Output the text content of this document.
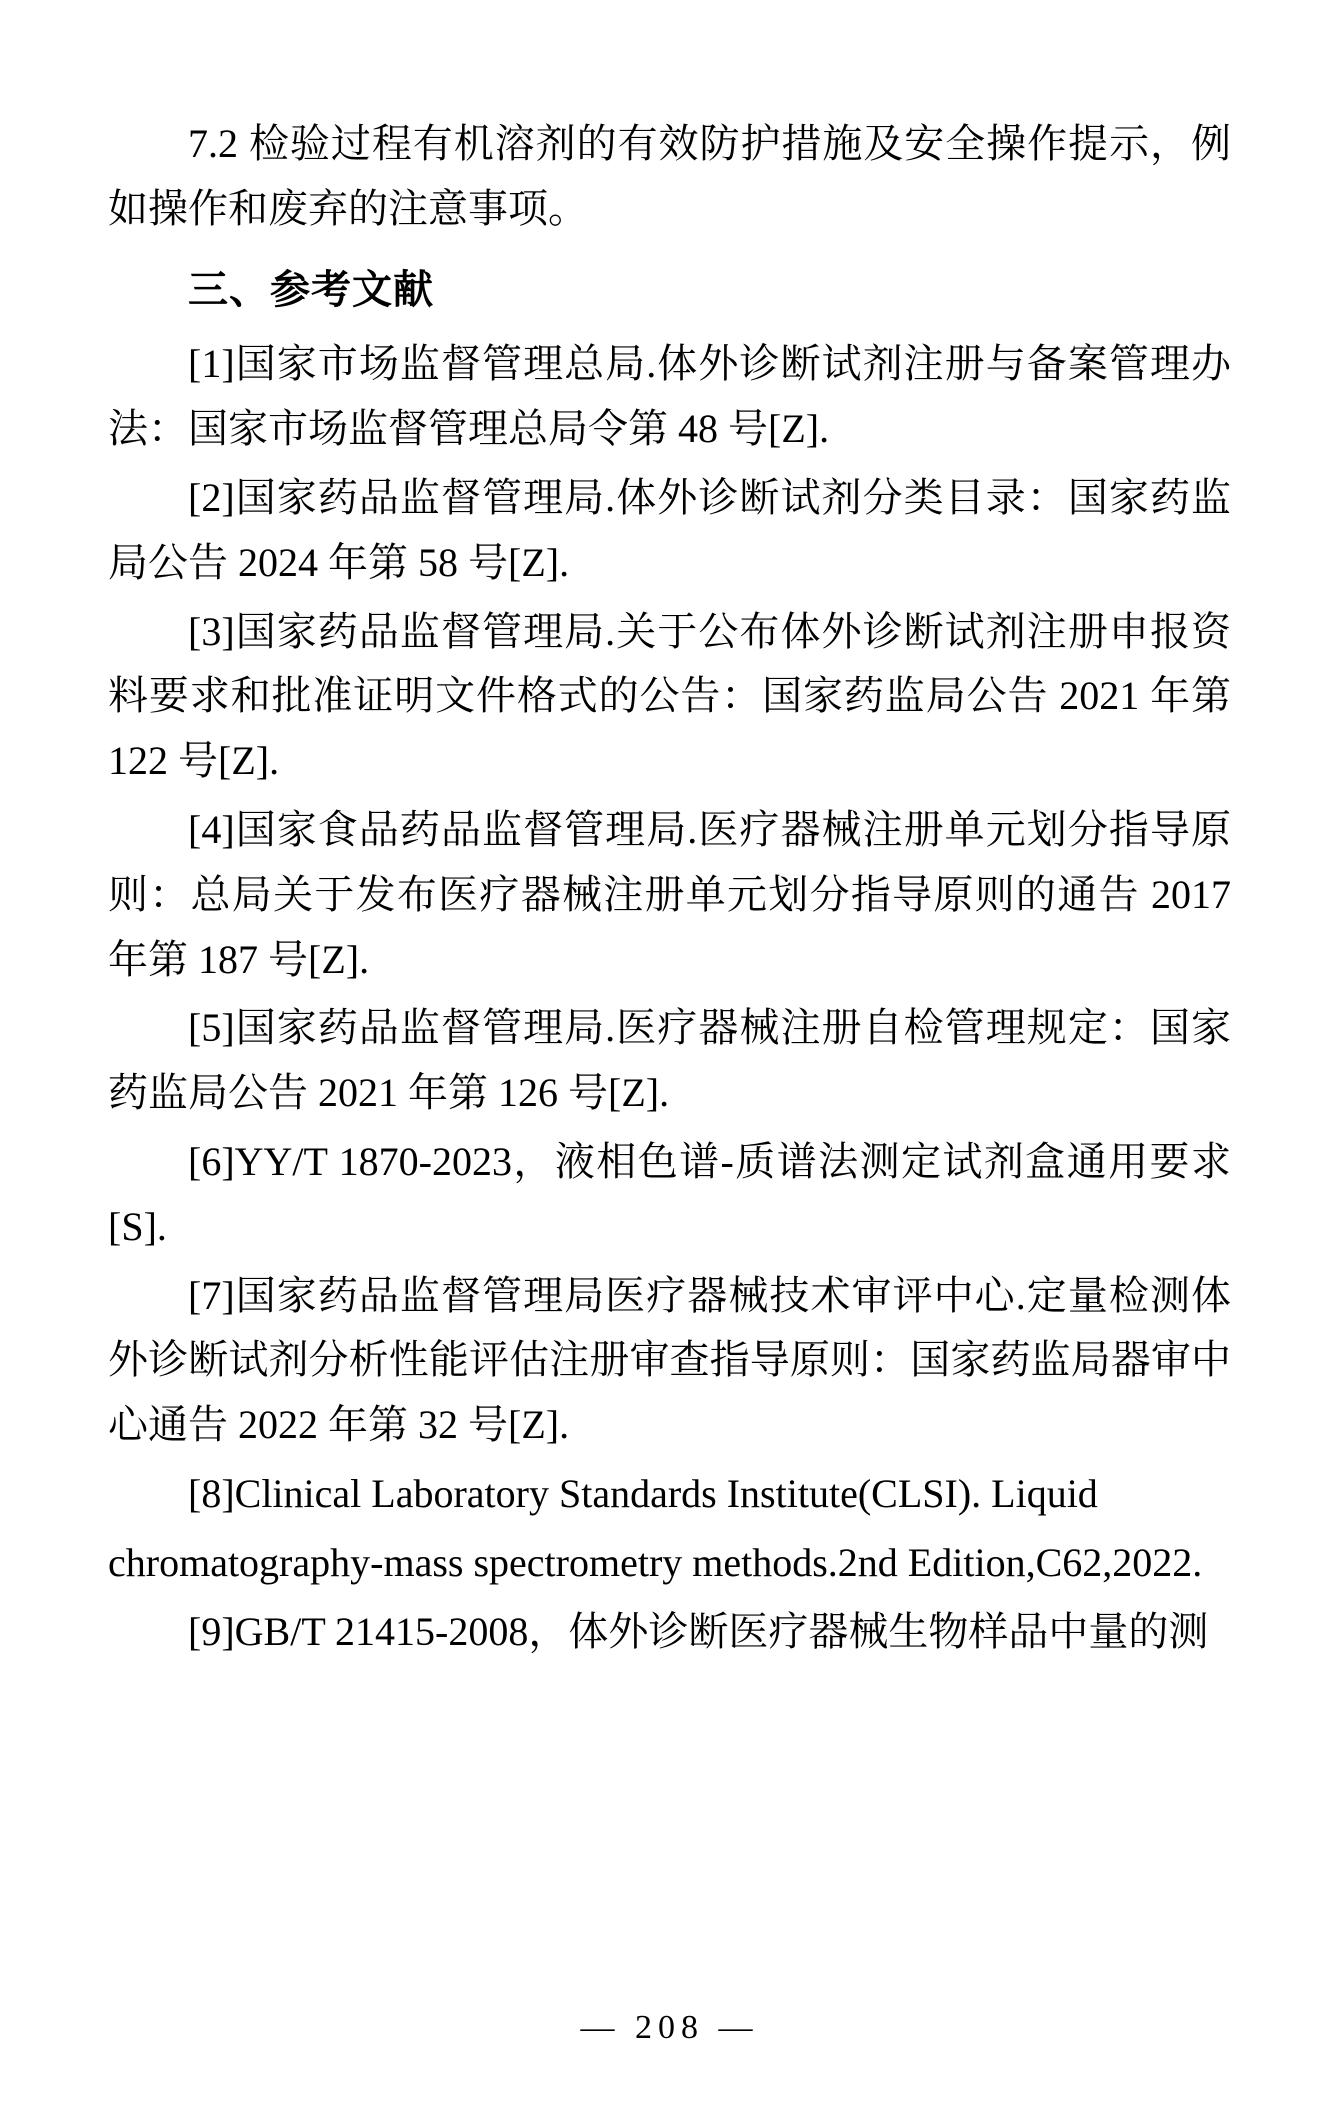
7.2 检验过程有机溶剂的有效防护措施及安全操作提示，例如操作和废弃的注意事项。

三、参考文献

[1]国家市场监督管理总局.体外诊断试剂注册与备案管理办法：国家市场监督管理总局令第 48 号[Z].

[2]国家药品监督管理局.体外诊断试剂分类目录：国家药监局公告 2024 年第 58 号[Z].

[3]国家药品监督管理局.关于公布体外诊断试剂注册申报资料要求和批准证明文件格式的公告：国家药监局公告 2021 年第 122 号[Z].

[4]国家食品药品监督管理局.医疗器械注册单元划分指导原则：总局关于发布医疗器械注册单元划分指导原则的通告 2017 年第 187 号[Z].

[5]国家药品监督管理局.医疗器械注册自检管理规定：国家药监局公告 2021 年第 126 号[Z].

[6]YY/T 1870-2023，液相色谱-质谱法测定试剂盒通用要求[S].

[7]国家药品监督管理局医疗器械技术审评中心.定量检测体外诊断试剂分析性能评估注册审查指导原则：国家药监局器审中心通告 2022 年第 32 号[Z].

[8]Clinical Laboratory Standards Institute(CLSI). Liquid

chromatography-mass spectrometry methods.2nd Edition,C62,2022.

[9]GB/T 21415-2008，体外诊断医疗器械生物样品中量的测

— 208 —
